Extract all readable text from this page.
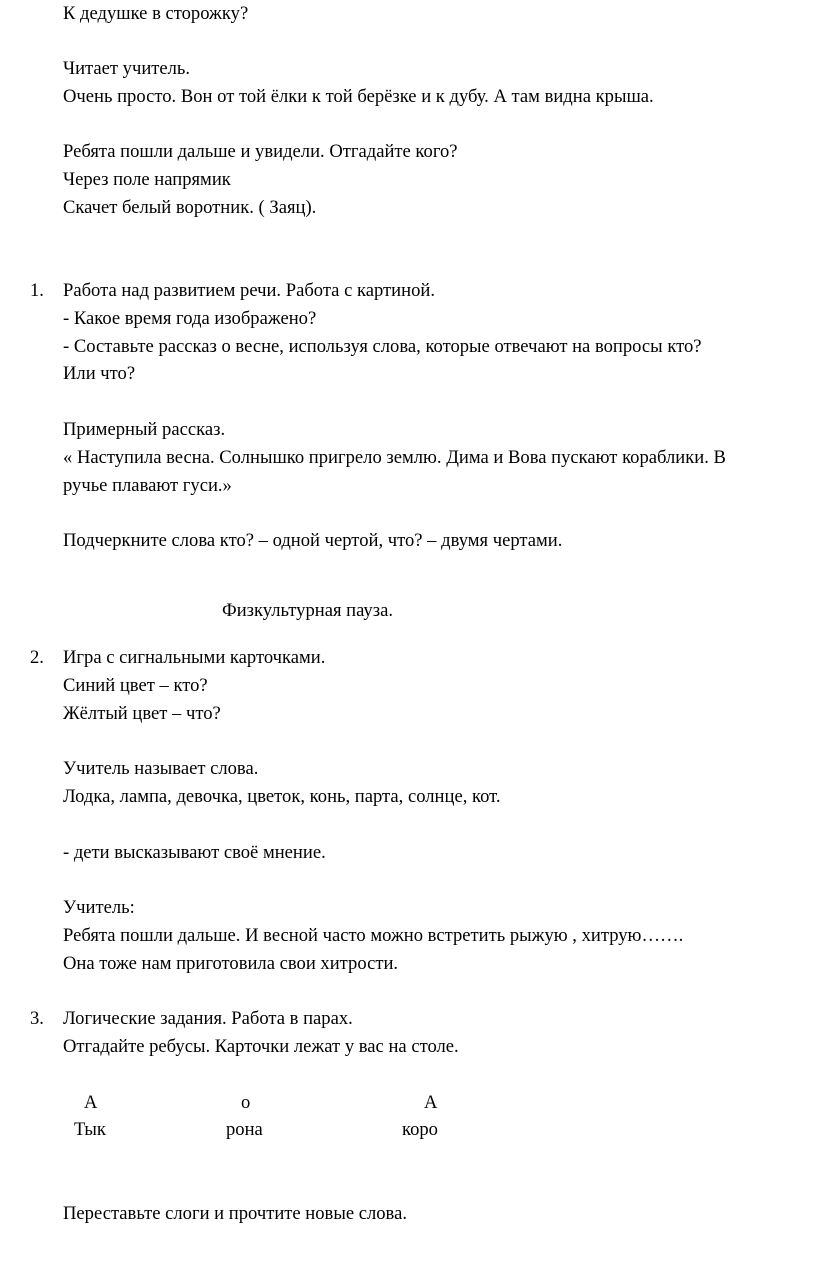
К дедушке в сторожку?

Читает учитель.

Очень просто. Вон от той ёлки к той берёзке и к дубу. А там видна крыша.

Ребята пошли дальше и увидели. Отгадайте кого?

Через поле напрямик

Скачет белый воротник. ( Заяц).

1. Работа над развитием речи. Работа с картиной.

- Какое время года изображено?

- Составьте рассказ о весне, используя слова, которые отвечают на вопросы кто?

Или что?

Примерный рассказ.

« Наступила весна. Солнышко пригрело землю. Дима и Вова пускают кораблики. В

ручье плавают гуси.»

Подчеркните слова кто? – одной чертой, что? – двумя чертами.

Физкультурная пауза.

2. Игра с сигнальными карточками.

Синий цвет – кто?

Жёлтый цвет – что?

Учитель называет слова.

Лодка, лампа, девочка, цветок, конь, парта, солнце, кот.

- дети высказывают своё мнение.

Учитель:

Ребята пошли дальше. И весной часто можно встретить рыжую , хитрую…….

Она тоже нам приготовила свои хитрости.

3. Логические задания. Работа в парах.

Отгадайте ребусы. Карточки лежат у вас на столе.

А
Тык
о
рона
А
коро

Переставьте слоги и прочтите новые слова.
